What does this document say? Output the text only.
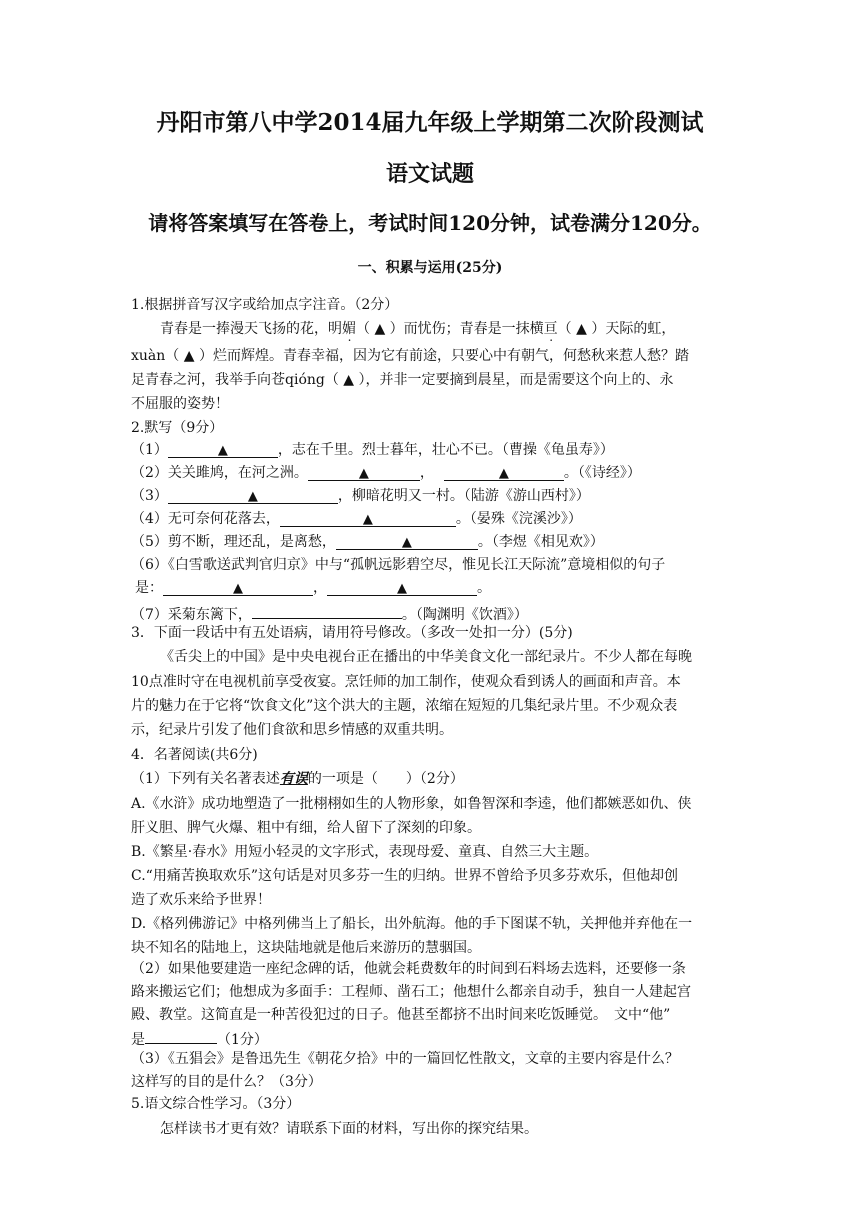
丹阳市第八中学2014届九年级上学期第二次阶段测试
语文试题
请将答案填写在答卷上，考试时间120分钟，试卷满分120分。
一、积累与运用(25分)
1.根据拼音写汉字或给加点字注音。（2分）
青春是一捧漫天飞扬的花，明媚（ ▲ ）而忧伤；青春是一抹横亘（ ▲ ）天际的虹，
xuàn（ ▲ ）烂而辉煌。青春幸福，因为它有前途，只要心中有朝气，何愁秋来惹人愁？踏
足青春之河，我举手向苍qióng（ ▲ ），并非一定要摘到晨星，而是需要这个向上的、永
不屈服的姿势！
2.默写（9分）
（1）	▲	，志在千里。烈士暮年，壮心不已。（曹操《龟虽寿》）
（2）关关雎鸠，在河之洲。	▲	，	▲	。（《诗经》）
（3）	▲	，柳暗花明又一村。（陆游《游山西村》）
（4）无可奈何花落去，	▲	。（晏殊《浣溪沙》）
（5）剪不断，理还乱，是离愁，	▲	。（李煜《相见欢》）
（6）《白雪歌送武判官归京》中与“孤帆远影碧空尽，惟见长江天际流”意境相似的句子
是：	▲	，	▲	。
（7）采菊东篱下，	。（陶渊明《饮酒》）
3．下面一段话中有五处语病，请用符号修改。（多改一处扣一分）(5分)
《舌尖上的中国》是中央电视台正在播出的中华美食文化一部纪录片。不少人都在每晚
10点准时守在电视机前享受夜宴。烹饪师的加工制作，使观众看到诱人的画面和声音。本
片的魅力在于它将“饮食文化”这个洪大的主题，浓缩在短短的几集纪录片里。不少观众表
示，纪录片引发了他们食欲和思乡情感的双重共明。
4．名著阅读(共6分)
（1）下列有关名著表述有误的一项是（　　）（2分）
A.《水浒》成功地塑造了一批栩栩如生的人物形象，如鲁智深和李逵，他们都嫉恶如仇、侠
肝义胆、脾气火爆、粗中有细，给人留下了深刻的印象。
B.《繁星·春水》用短小轻灵的文字形式，表现母爱、童真、自然三大主题。
C.“用痛苦换取欢乐”这句话是对贝多芬一生的归纳。世界不曾给予贝多芬欢乐，但他却创
造了欢乐来给予世界！
D.《格列佛游记》中格列佛当上了船长，出外航海。他的手下图谋不轨，关押他并弃他在一
块不知名的陆地上，这块陆地就是他后来游历的慧骃国。
（2）如果他要建造一座纪念碑的话，他就会耗费数年的时间到石料场去选料，还要修一条
路来搬运它们；他想成为多面手：工程师、凿石工；他想什么都亲自动手，独自一人建起宫
殿、教堂。这简直是一种苦役犯过的日子。他甚至都挤不出时间来吃饭睡觉。　文中“他”
是	（1分）
（3）《五猖会》是鲁迅先生《朝花夕拾》中的一篇回忆性散文，文章的主要内容是什么？
这样写的目的是什么？（3分）
5.语文综合性学习。（3分）
怎样读书才更有效？请联系下面的材料，写出你的探究结果。
